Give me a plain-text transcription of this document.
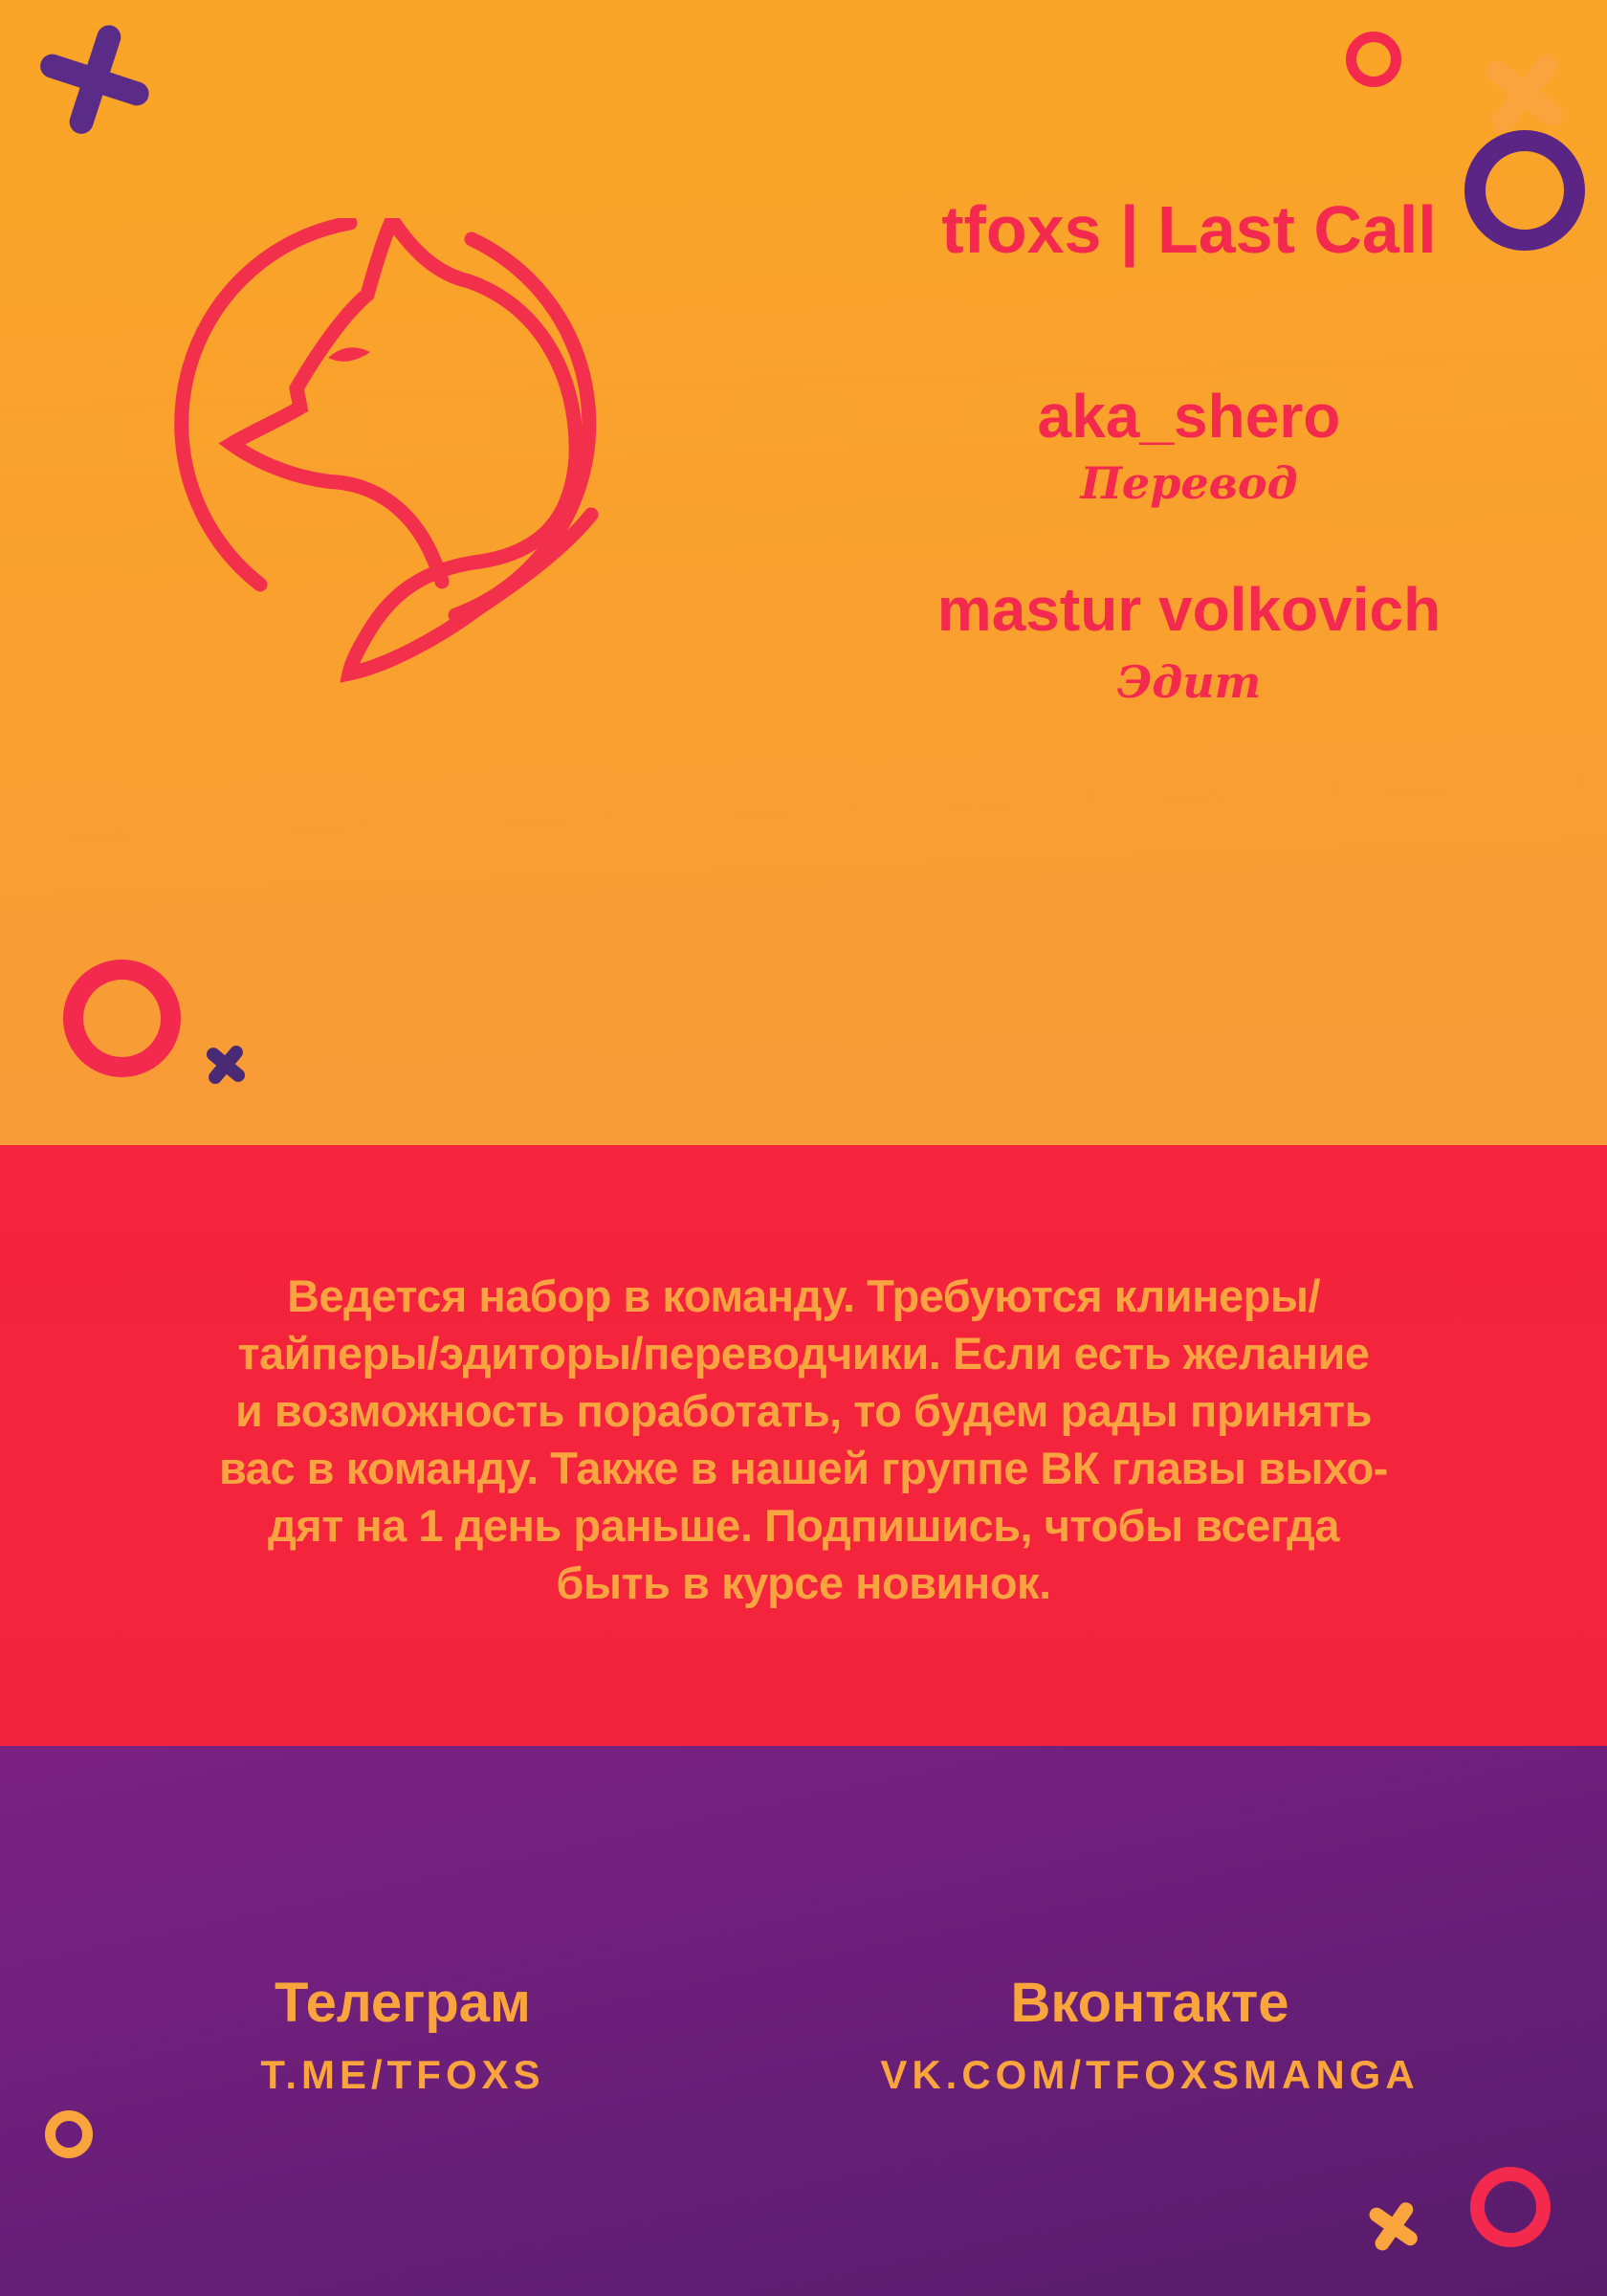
tfoxs | Last Call
aka_shero
Перевод
mastur volkovich
Эдит
Ведется набор в команду. Требуются клинеры/
тайперы/эдиторы/переводчики. Если есть желание
и возможность поработать, то будем рады принять
вас в команду. Также в нашей группе ВК главы выхо-
дят на 1 день раньше. Подпишись, чтобы всегда
быть в курсе новинок.
Телеграм
T.ME/TFOXS
Вконтакте
VK.COM/TFOXSMANGA
